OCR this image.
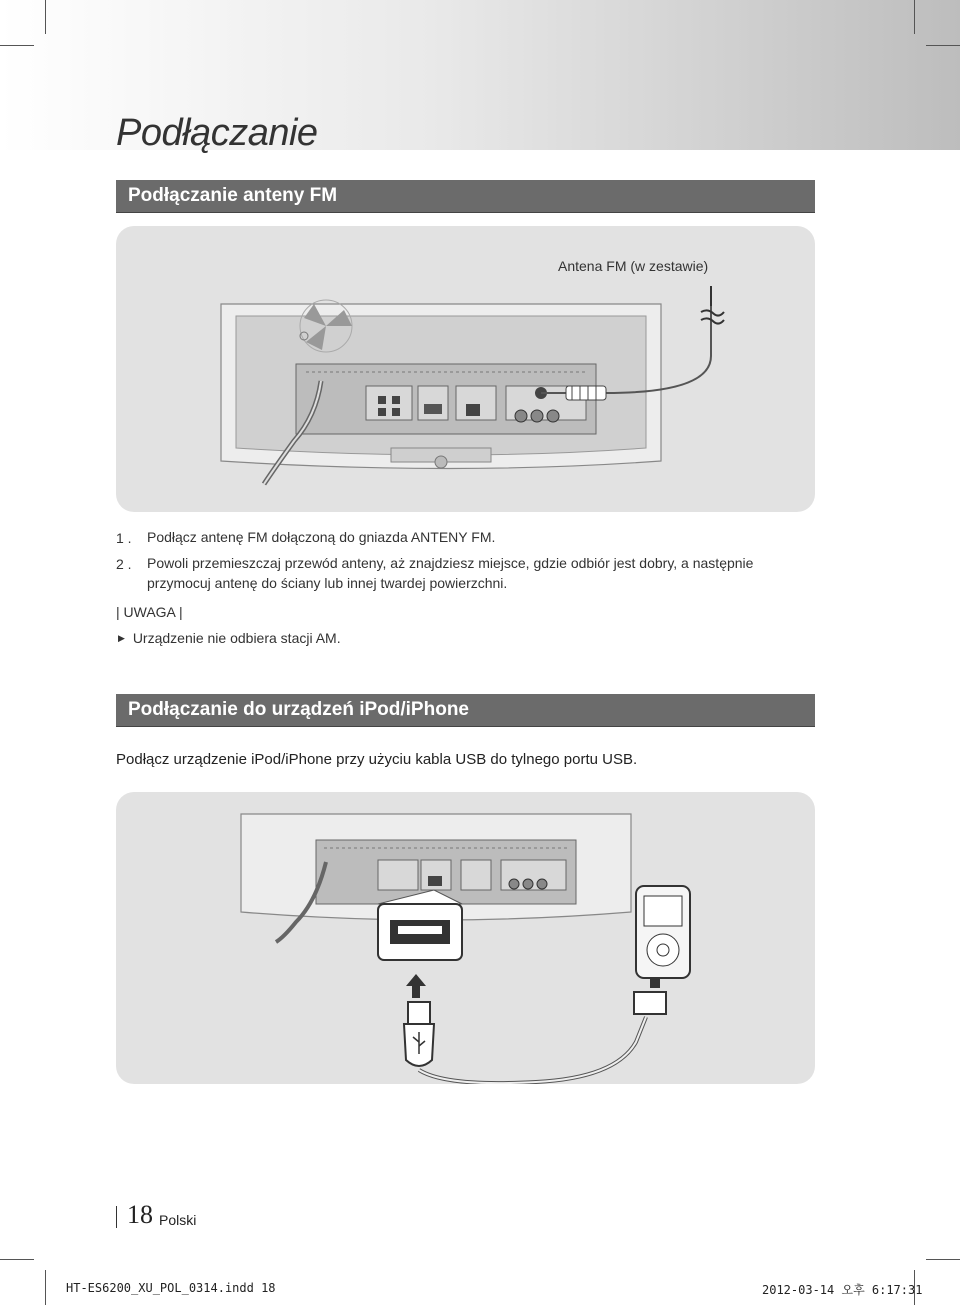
Podłączanie
Podłączanie anteny FM
Antena FM (w zestawie)
1 . Podłącz antenę FM dołączoną do gniazda ANTENY FM.
2 . Powoli przemieszczaj przewód anteny, aż znajdziesz miejsce, gdzie odbiór jest dobry, a następnie
przymocuj antenę do ściany lub innej twardej powierzchni.
| UWAGA |
▶ Urządzenie nie odbiera stacji AM.
Podłączanie do urządzeń iPod/iPhone
Podłącz urządzenie iPod/iPhone przy użyciu kabla USB do tylnego portu USB.
18 Polski
HT-ES6200_XU_POL_0314.indd 18	2012-03-14 오후 6:17:31
